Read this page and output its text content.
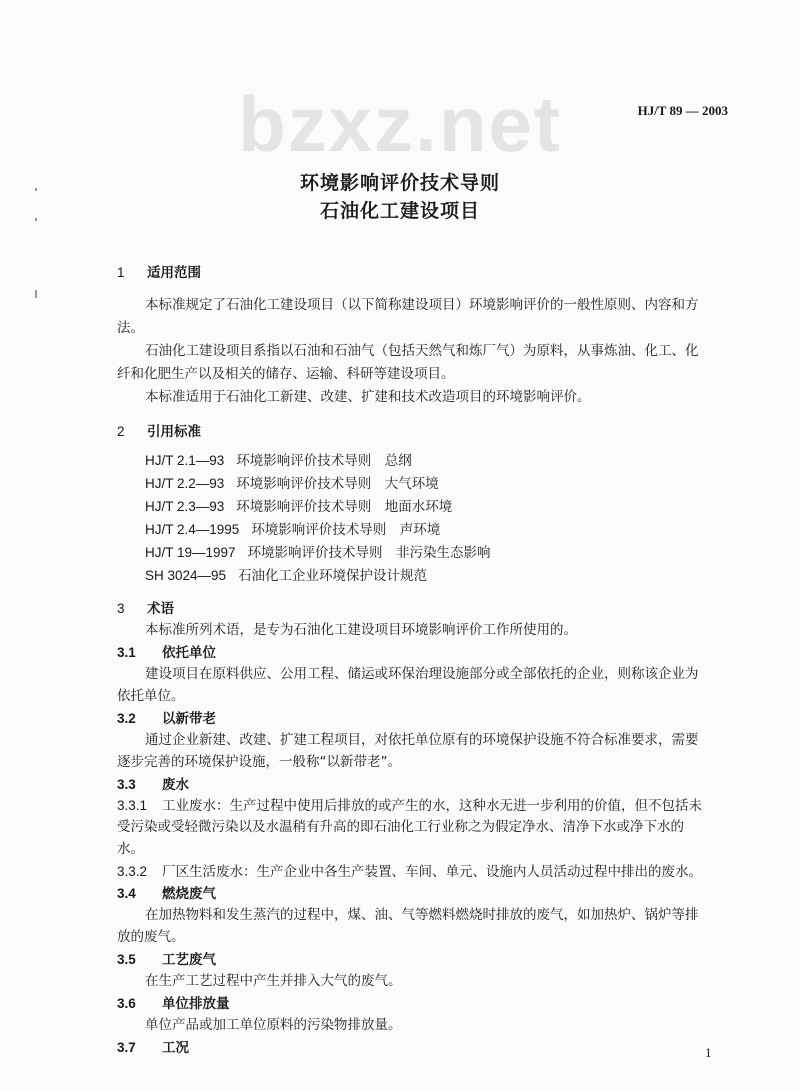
HJ/T 89 — 2003
bzxz.net
环境影响评价技术导则
石油化工建设项目
1 适用范围
本标准规定了石油化工建设项目（以下简称建设项目）环境影响评价的一般性原则、内容和方
法。
石油化工建设项目系指以石油和石油气（包括天然气和炼厂气）为原料，从事炼油、化工、化
纤和化肥生产以及相关的储存、运输、科研等建设项目。
本标准适用于石油化工新建、改建、扩建和技术改造项目的环境影响评价。
2 引用标准
HJ/T 2.1—93 环境影响评价技术导则　总纲
HJ/T 2.2—93 环境影响评价技术导则　大气环境
HJ/T 2.3—93 环境影响评价技术导则　地面水环境
HJ/T 2.4—1995 环境影响评价技术导则　声环境
HJ/T 19—1997 环境影响评价技术导则　非污染生态影响
SH 3024—95 石油化工企业环境保护设计规范
3 术语
本标准所列术语，是专为石油化工建设项目环境影响评价工作所使用的。
3.1 依托单位
建设项目在原料供应、公用工程、储运或环保治理设施部分或全部依托的企业，则称该企业为
依托单位。
3.2 以新带老
通过企业新建、改建、扩建工程项目，对依托单位原有的环境保护设施不符合标准要求，需要
逐步完善的环境保护设施，一般称“以新带老”。
3.3 废水
3.3.1 工业废水：生产过程中使用后排放的或产生的水，这种水无进一步利用的价值，但不包括未
受污染或受轻微污染以及水温稍有升高的即石油化工行业称之为假定净水、清净下水或净下水的
水。
3.3.2 厂区生活废水：生产企业中各生产装置、车间、单元、设施内人员活动过程中排出的废水。
3.4 燃烧废气
在加热物料和发生蒸汽的过程中，煤、油、气等燃料燃烧时排放的废气，如加热炉、锅炉等排
放的废气。
3.5 工艺废气
在生产工艺过程中产生并排入大气的废气。
3.6 单位排放量
单位产品或加工单位原料的污染物排放量。
3.7 工况	1
